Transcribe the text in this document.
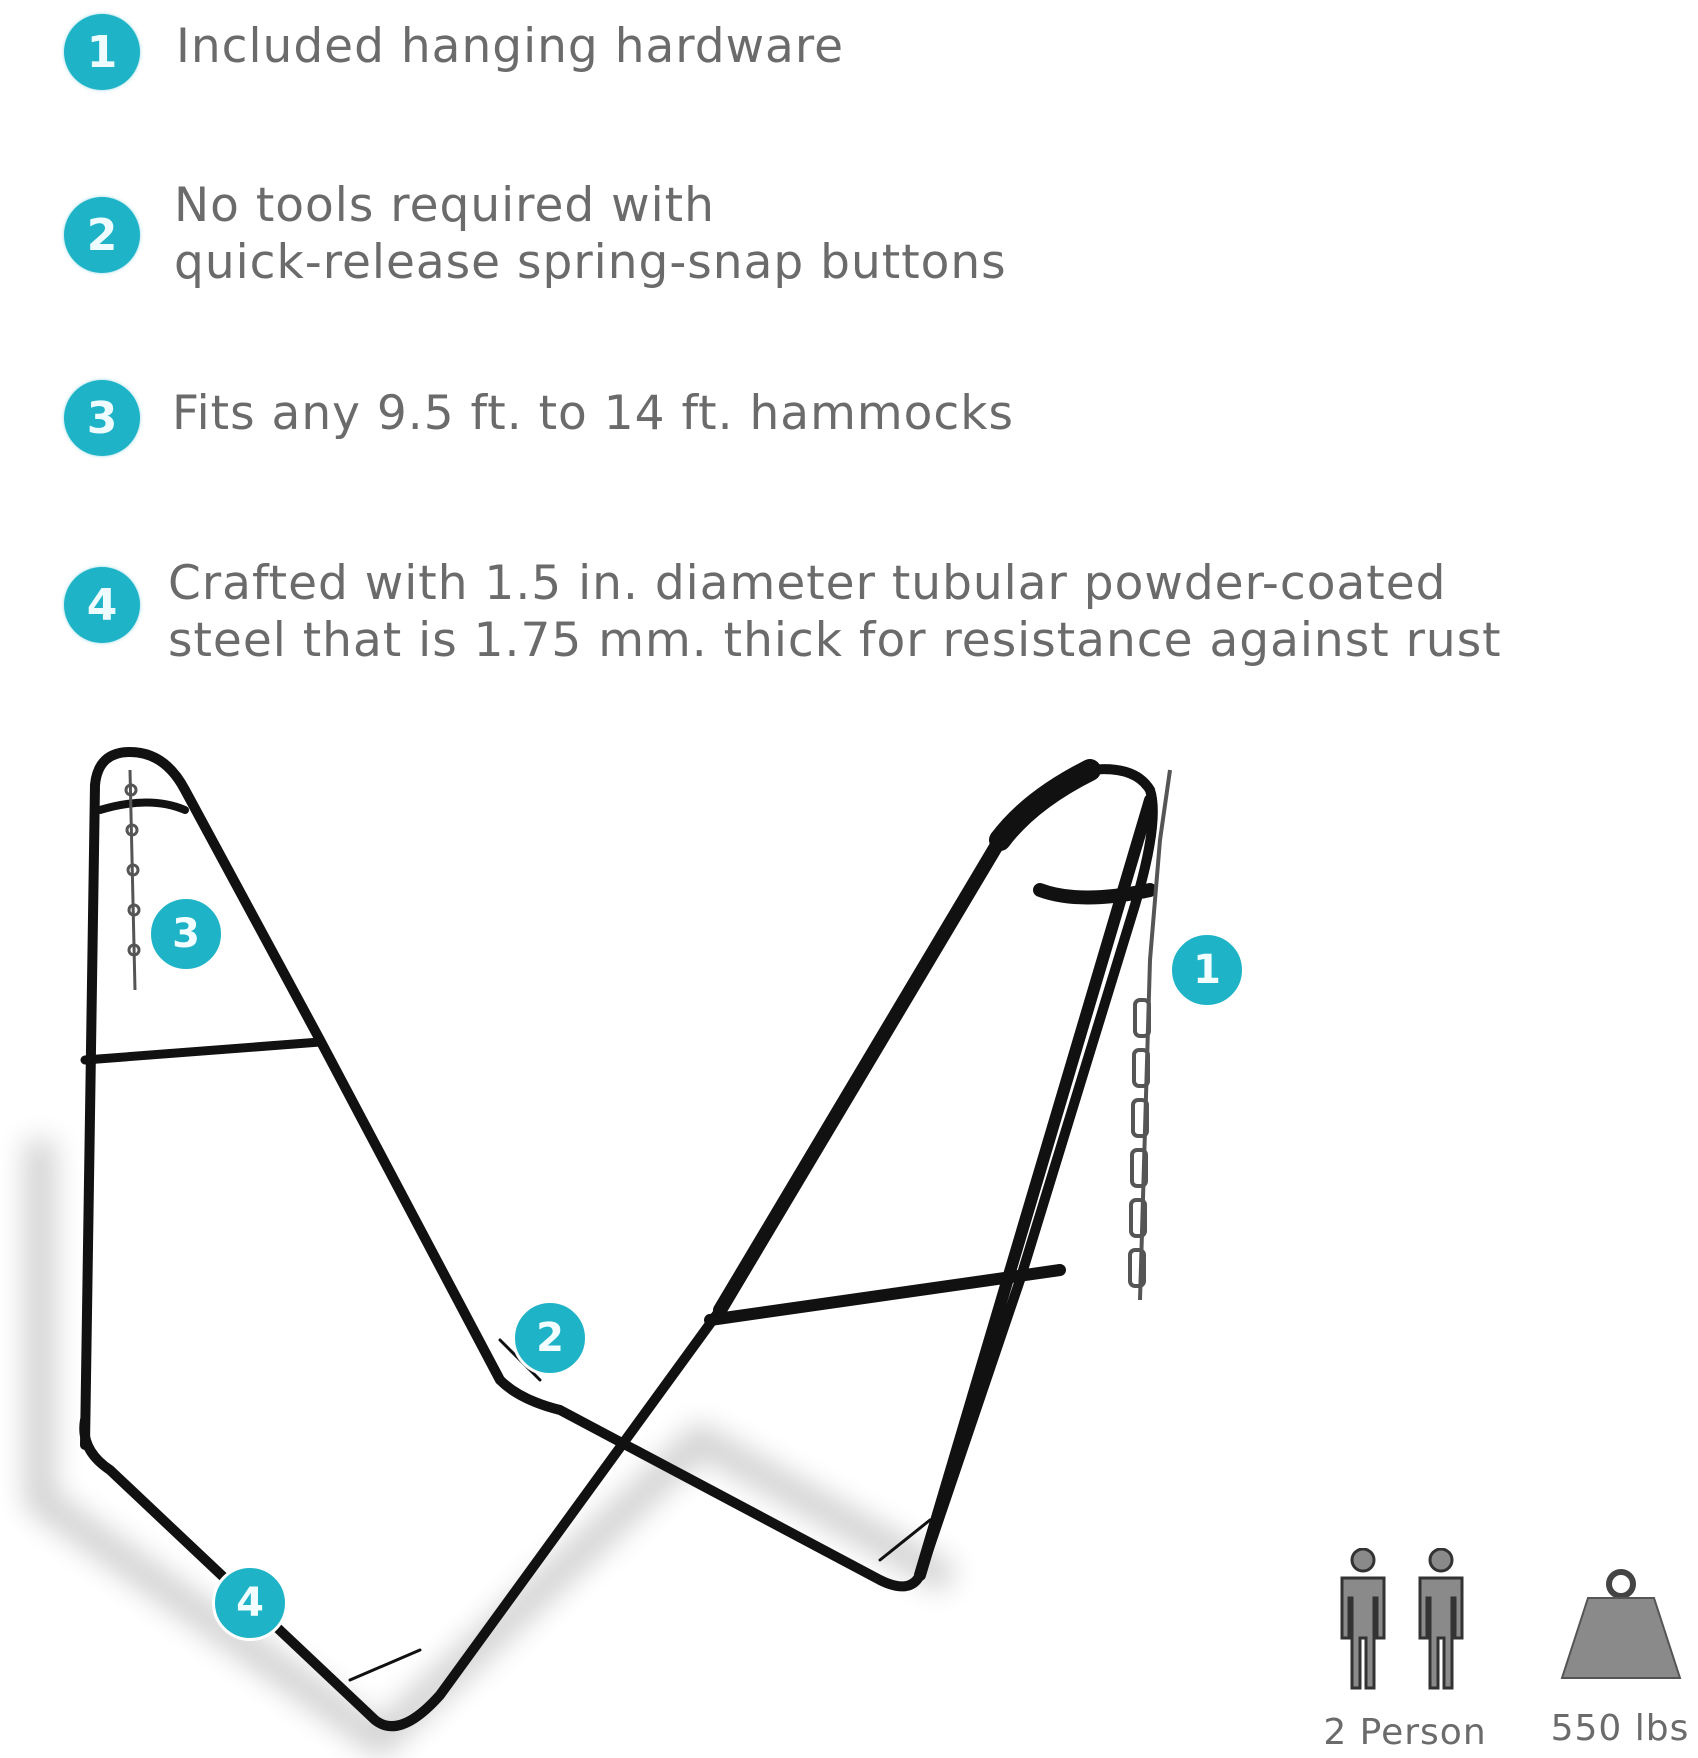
1	Included hanging hardware
2
No tools required with
quick-release spring-snap buttons
3	Fits any 9.5 ft. to 14 ft. hammocks
4	Crafted with 1.5 in. diameter tubular powder-coated
steel that is 1.75 mm. thick for resistance against rust
1
2
3
4
2 Person 550 lbs
